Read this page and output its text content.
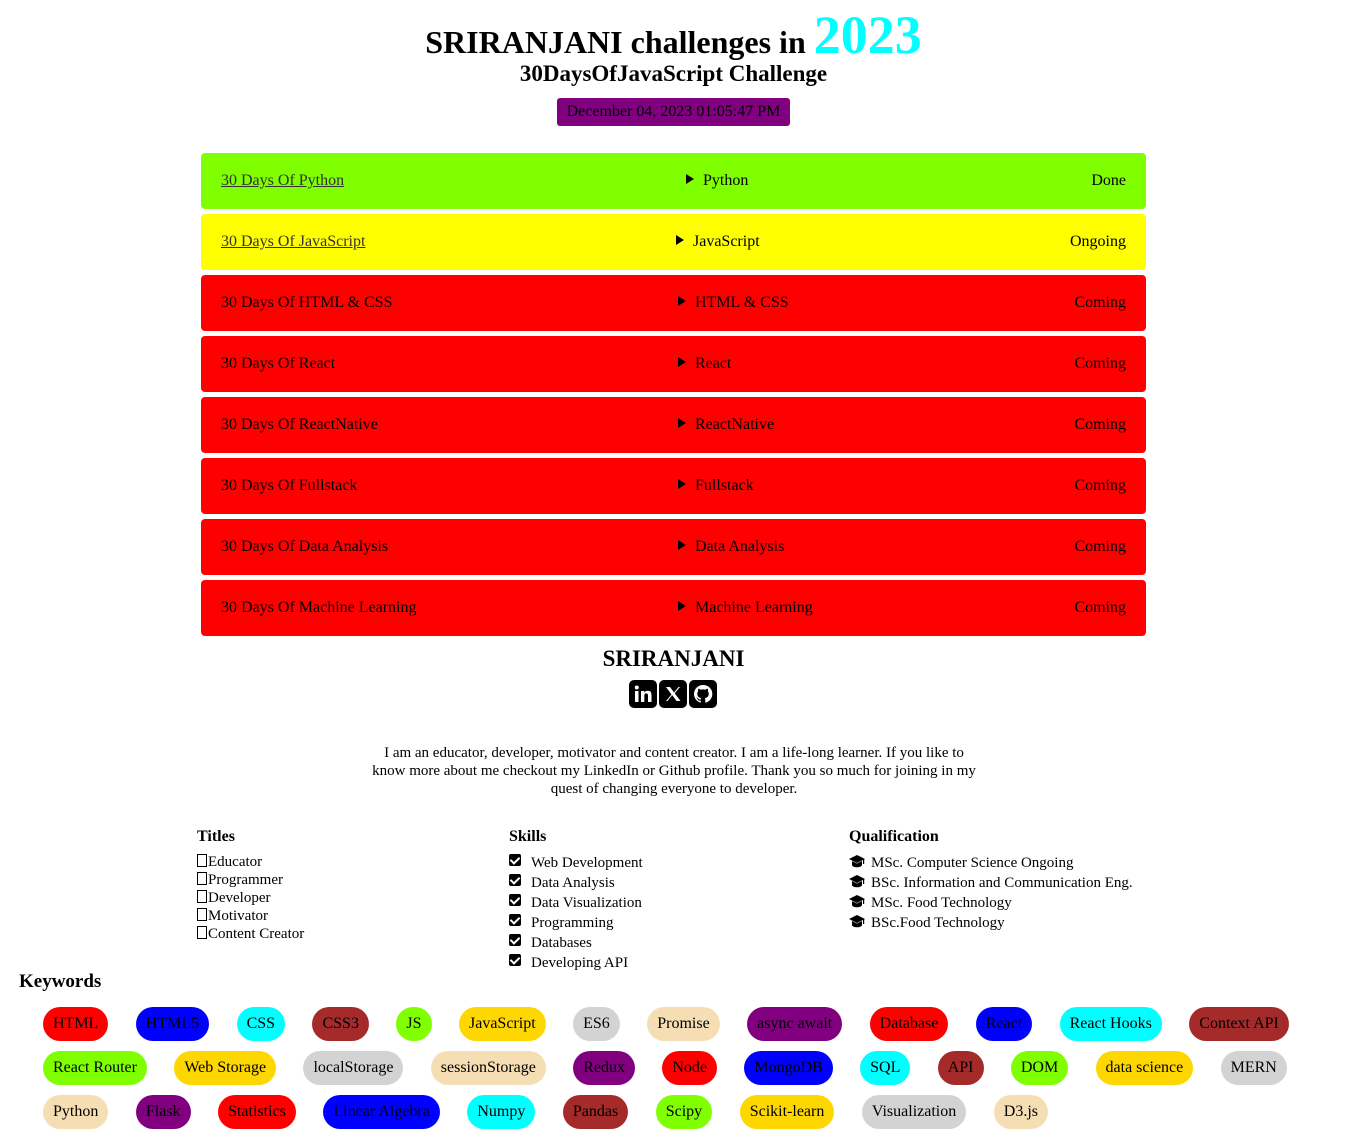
SRIRANJANI challenges in 2023
30DaysOfJavaScript Challenge
December 04, 2023 01:05:47 PM
30 Days Of Python	Python	Done
30 Days Of JavaScript	JavaScript	Ongoing
30 Days Of HTML & CSS	HTML & CSS	Coming
30 Days Of React	React	Coming
30 Days Of ReactNative	ReactNative	Coming
30 Days Of Fullstack	Fullstack	Coming
30 Days Of Data Analysis	Data Analysis	Coming
30 Days Of Machine Learning	Machine Learning	Coming
SRIRANJANI
I am an educator, developer, motivator and content creator. I am a life-long learner. If you like to know more about me checkout my LinkedIn or Github profile. Thank you so much for joining in my quest of changing everyone to developer.
Titles
Educator
Programmer
Developer
Motivator
Content Creator
Skills
Web Development
Data Analysis
Data Visualization
Programming
Databases
Developing API
Qualification
MSc. Computer Science Ongoing
BSc. Information and Communication Eng.
MSc. Food Technology
BSc.Food Technology
Keywords
HTML	HTML5	CSS	CSS3	JS	JavaScript	ES6	Promise	async await	Database	React	React Hooks	Context API
React Router	Web Storage	localStorage	sessionStorage	Redux	Node	MongoDB	SQL	API	DOM	data science	MERN
Python	Flask	Statistics	Linear Algebra	Numpy	Pandas	Scipy	Scikit-learn	Visualization	D3.js
